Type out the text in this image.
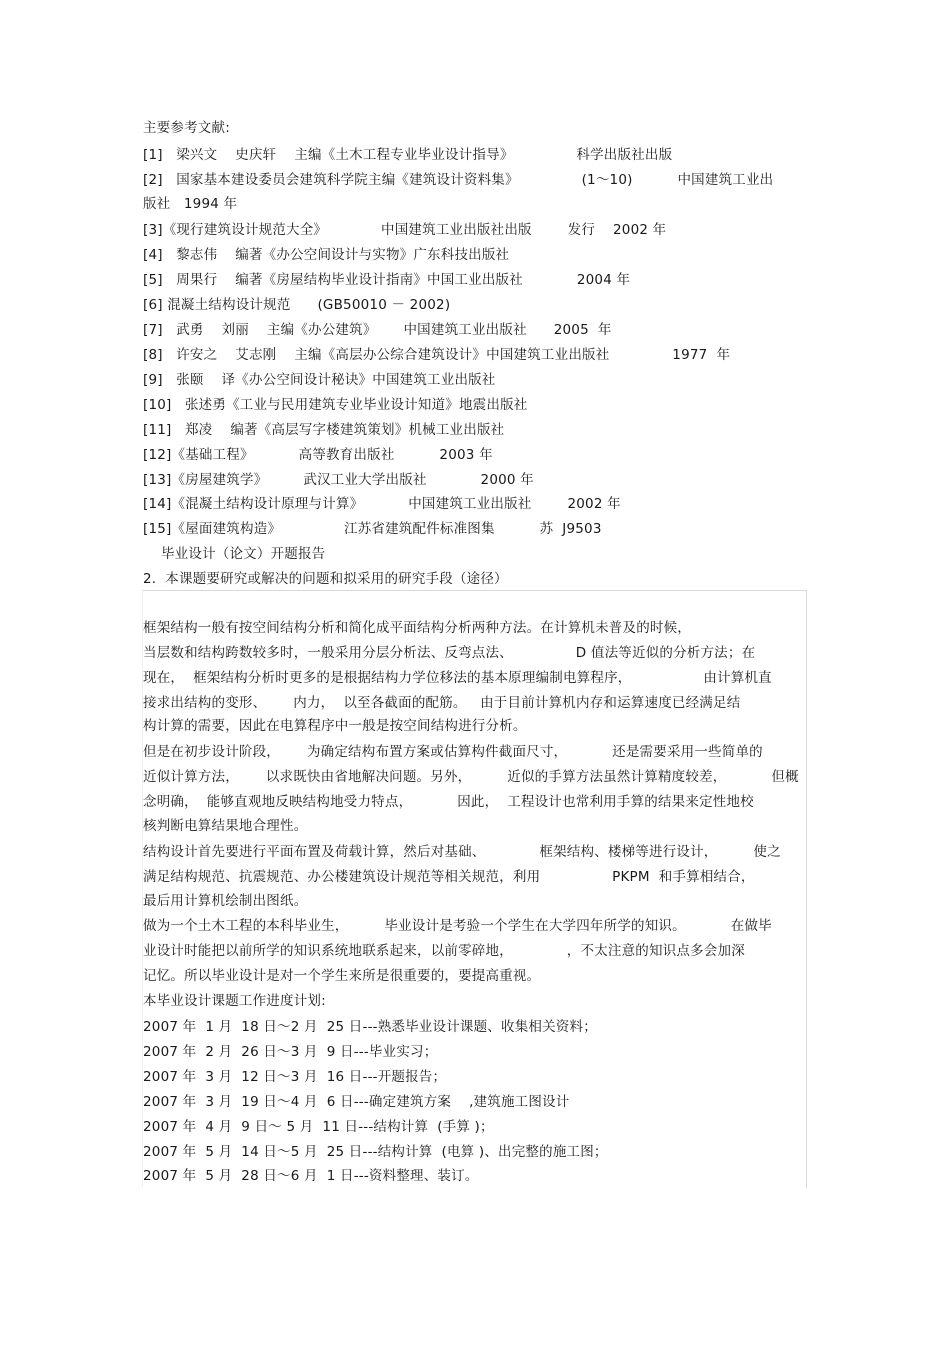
主要参考文献:
[1]   梁兴文    史庆轩    主编《土木工程专业毕业设计指导》              科学出版社出版
[2]   国家基本建设委员会建筑科学院主编《建筑设计资料集》              (1～10)          中国建筑工业出
版社   1994 年
[3]《现行建筑设计规范大全》            中国建筑工业出版社出版        发行    2002 年
[4]   黎志伟    编著《办公空间设计与实物》广东科技出版社
[5]   周果行    编著《房屋结构毕业设计指南》中国工业出版社            2004 年
[6] 混凝土结构设计规范      (GB50010 － 2002)
[7]   武勇    刘丽    主编《办公建筑》      中国建筑工业出版社      2005  年
[8]   许安之    艾志刚    主编《高层办公综合建筑设计》中国建筑工业出版社              1977  年
[9]   张颐    译《办公空间设计秘诀》中国建筑工业出版社
[10]   张述勇《工业与民用建筑专业毕业设计知道》地震出版社
[11]   郑凌    编著《高层写字楼建筑策划》机械工业出版社
[12]《基础工程》          高等教育出版社          2003 年
[13]《房屋建筑学》        武汉工业大学出版社            2000 年
[14]《混凝土结构设计原理与计算》          中国建筑工业出版社        2002 年
[15]《屋面建筑构造》              江苏省建筑配件标准图集          苏  J9503
毕业设计（论文）开题报告
2.  本课题要研究或解决的问题和拟采用的研究手段（途径）
框架结构一般有按空间结构分析和简化成平面结构分析两种方法。在计算机未普及的时候，
当层数和结构跨数较多时，一般采用分层分析法、反弯点法、              D 值法等近似的分析方法；在
现在，  框架结构分析时更多的是根据结构力学位移法的基本原理编制电算程序，                由计算机直
接求出结构的变形、      内力，  以至各截面的配筋。   由于目前计算机内存和运算速度已经满足结
构计算的需要，因此在电算程序中一般是按空间结构进行分析。
但是在初步设计阶段，      为确定结构布置方案或估算构件截面尺寸，          还是需要采用一些简单的
近似计算方法，      以求既快由省地解决问题。另外，        近似的手算方法虽然计算精度较差，          但概
念明确，  能够直观地反映结构地受力特点，          因此，  工程设计也常利用手算的结果来定性地校
核判断电算结果地合理性。
结构设计首先要进行平面布置及荷载计算，然后对基础、            框架结构、楼梯等进行设计，        使之
满足结构规范、抗震规范、办公楼建筑设计规范等相关规范，利用                PKPM  和手算相结合，
最后用计算机绘制出图纸。
做为一个土木工程的本科毕业生，        毕业设计是考验一个学生在大学四年所学的知识。          在做毕
业设计时能把以前所学的知识系统地联系起来，以前零碎地，            ，不太注意的知识点多会加深
记忆。所以毕业设计是对一个学生来所是很重要的，要提高重视。
本毕业设计课题工作进度计划:
2007 年  1 月  18 日～2 月  25 日---熟悉毕业设计课题、收集相关资料；
2007 年  2 月  26 日～3 月  9 日---毕业实习；
2007 年  3 月  12 日～3 月  16 日---开题报告；
2007 年  3 月  19 日～4 月  6 日---确定建筑方案    ,建筑施工图设计
2007 年  4 月  9 日～ 5 月  11 日---结构计算  (手算 )；
2007 年  5 月  14 日～5 月  25 日---结构计算  (电算 )、出完整的施工图；
2007 年  5 月  28 日～6 月  1 日---资料整理、装订。
